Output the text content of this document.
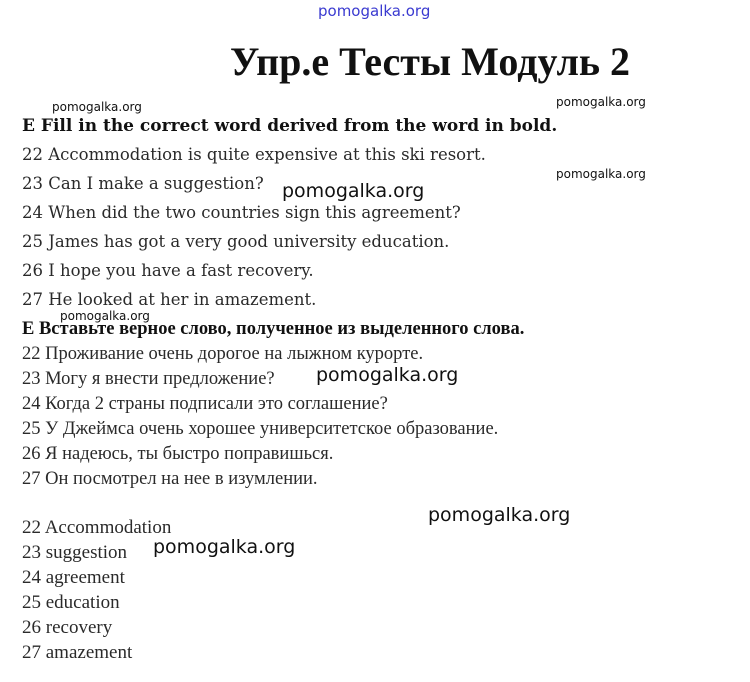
pomogalka.org
Упр.е Тесты Модуль 2
pomogalka.org	pomogalka.org
pomogalka.org
E Fill in the correct word derived from the word in bold.
22 Accommodation is quite expensive at this ski resort.
23 Can I make a suggestion?
24 When did the two countries sign this agreement?
25 James has got a very good university education.
26 I hope you have a fast recovery.
27 He looked at her in amazement.
pomogalka.org
pomogalka.org
E Вставьте верное слово, полученное из выделенного слова.
22 Проживание очень дорогое на лыжном курорте.
23 Могу я внести предложение?
24 Когда 2 страны подписали это соглашение?
25 У Джеймса очень хорошее университетское образование.
26 Я надеюсь, ты быстро поправишься.
27 Он посмотрел на нее в изумлении.
pomogalka.org
pomogalka.org
pomogalka.org
22 Accommodation
23 suggestion
24 agreement
25 education
26 recovery
27 amazement
